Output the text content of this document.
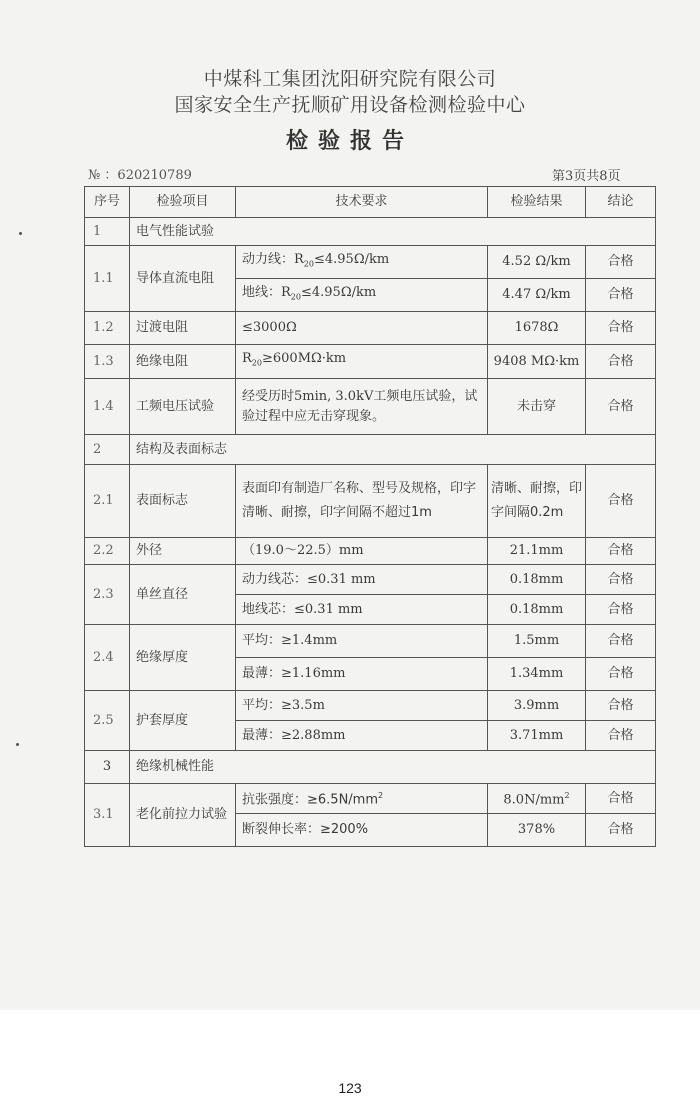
中煤科工集团沈阳研究院有限公司
国家安全生产抚顺矿用设备检测检验中心
检验报告
№ ：620210789	第3页共8页
序号	检验项目	技术要求	检验结果	结论
1	电气性能试验			
1.1	导体直流电阻	动力线：$R_{20}\le 4.95\Omega/km$	4.52 Ω/km	合格
		地线：$R_{20}\le 4.95\Omega/km$	4.47 Ω/km	合格
1.2	过渡电阻	≤3000Ω	1678Ω	合格
1.3	绝缘电阻	$R_{20}\ge 600M\Omega\cdot km$	9408 MΩ·km	合格
1.4	工频电压试验	经受历时5min, 3.0kV工频电压试验，试验过程中应无击穿现象。	未击穿	合格
2	结构及表面标志			
2.1	表面标志	表面印有制造厂名称、型号及规格，印字清晰、耐擦，印字间隔不超过1m	清晰、耐擦，印字间隔0.2m	合格
2.2	外径	（19.0～22.5）mm	21.1mm	合格
2.3	单丝直径	动力线芯：≤0.31 mm	0.18mm	合格
		地线芯：≤0.31 mm	0.18mm	合格
2.4	绝缘厚度	平均：≥1.4mm	1.5mm	合格
		最薄：≥1.16mm	1.34mm	合格
2.5	护套厚度	平均：≥3.5m	3.9mm	合格
		最薄：≥2.88mm	3.71mm	合格
3	绝缘机械性能			
3.1	老化前拉力试验	抗张强度：$\ge 6.5N/mm^2$	$8.0N/mm^2$	合格
		断裂伸长率：≥200%	378%	合格
123
